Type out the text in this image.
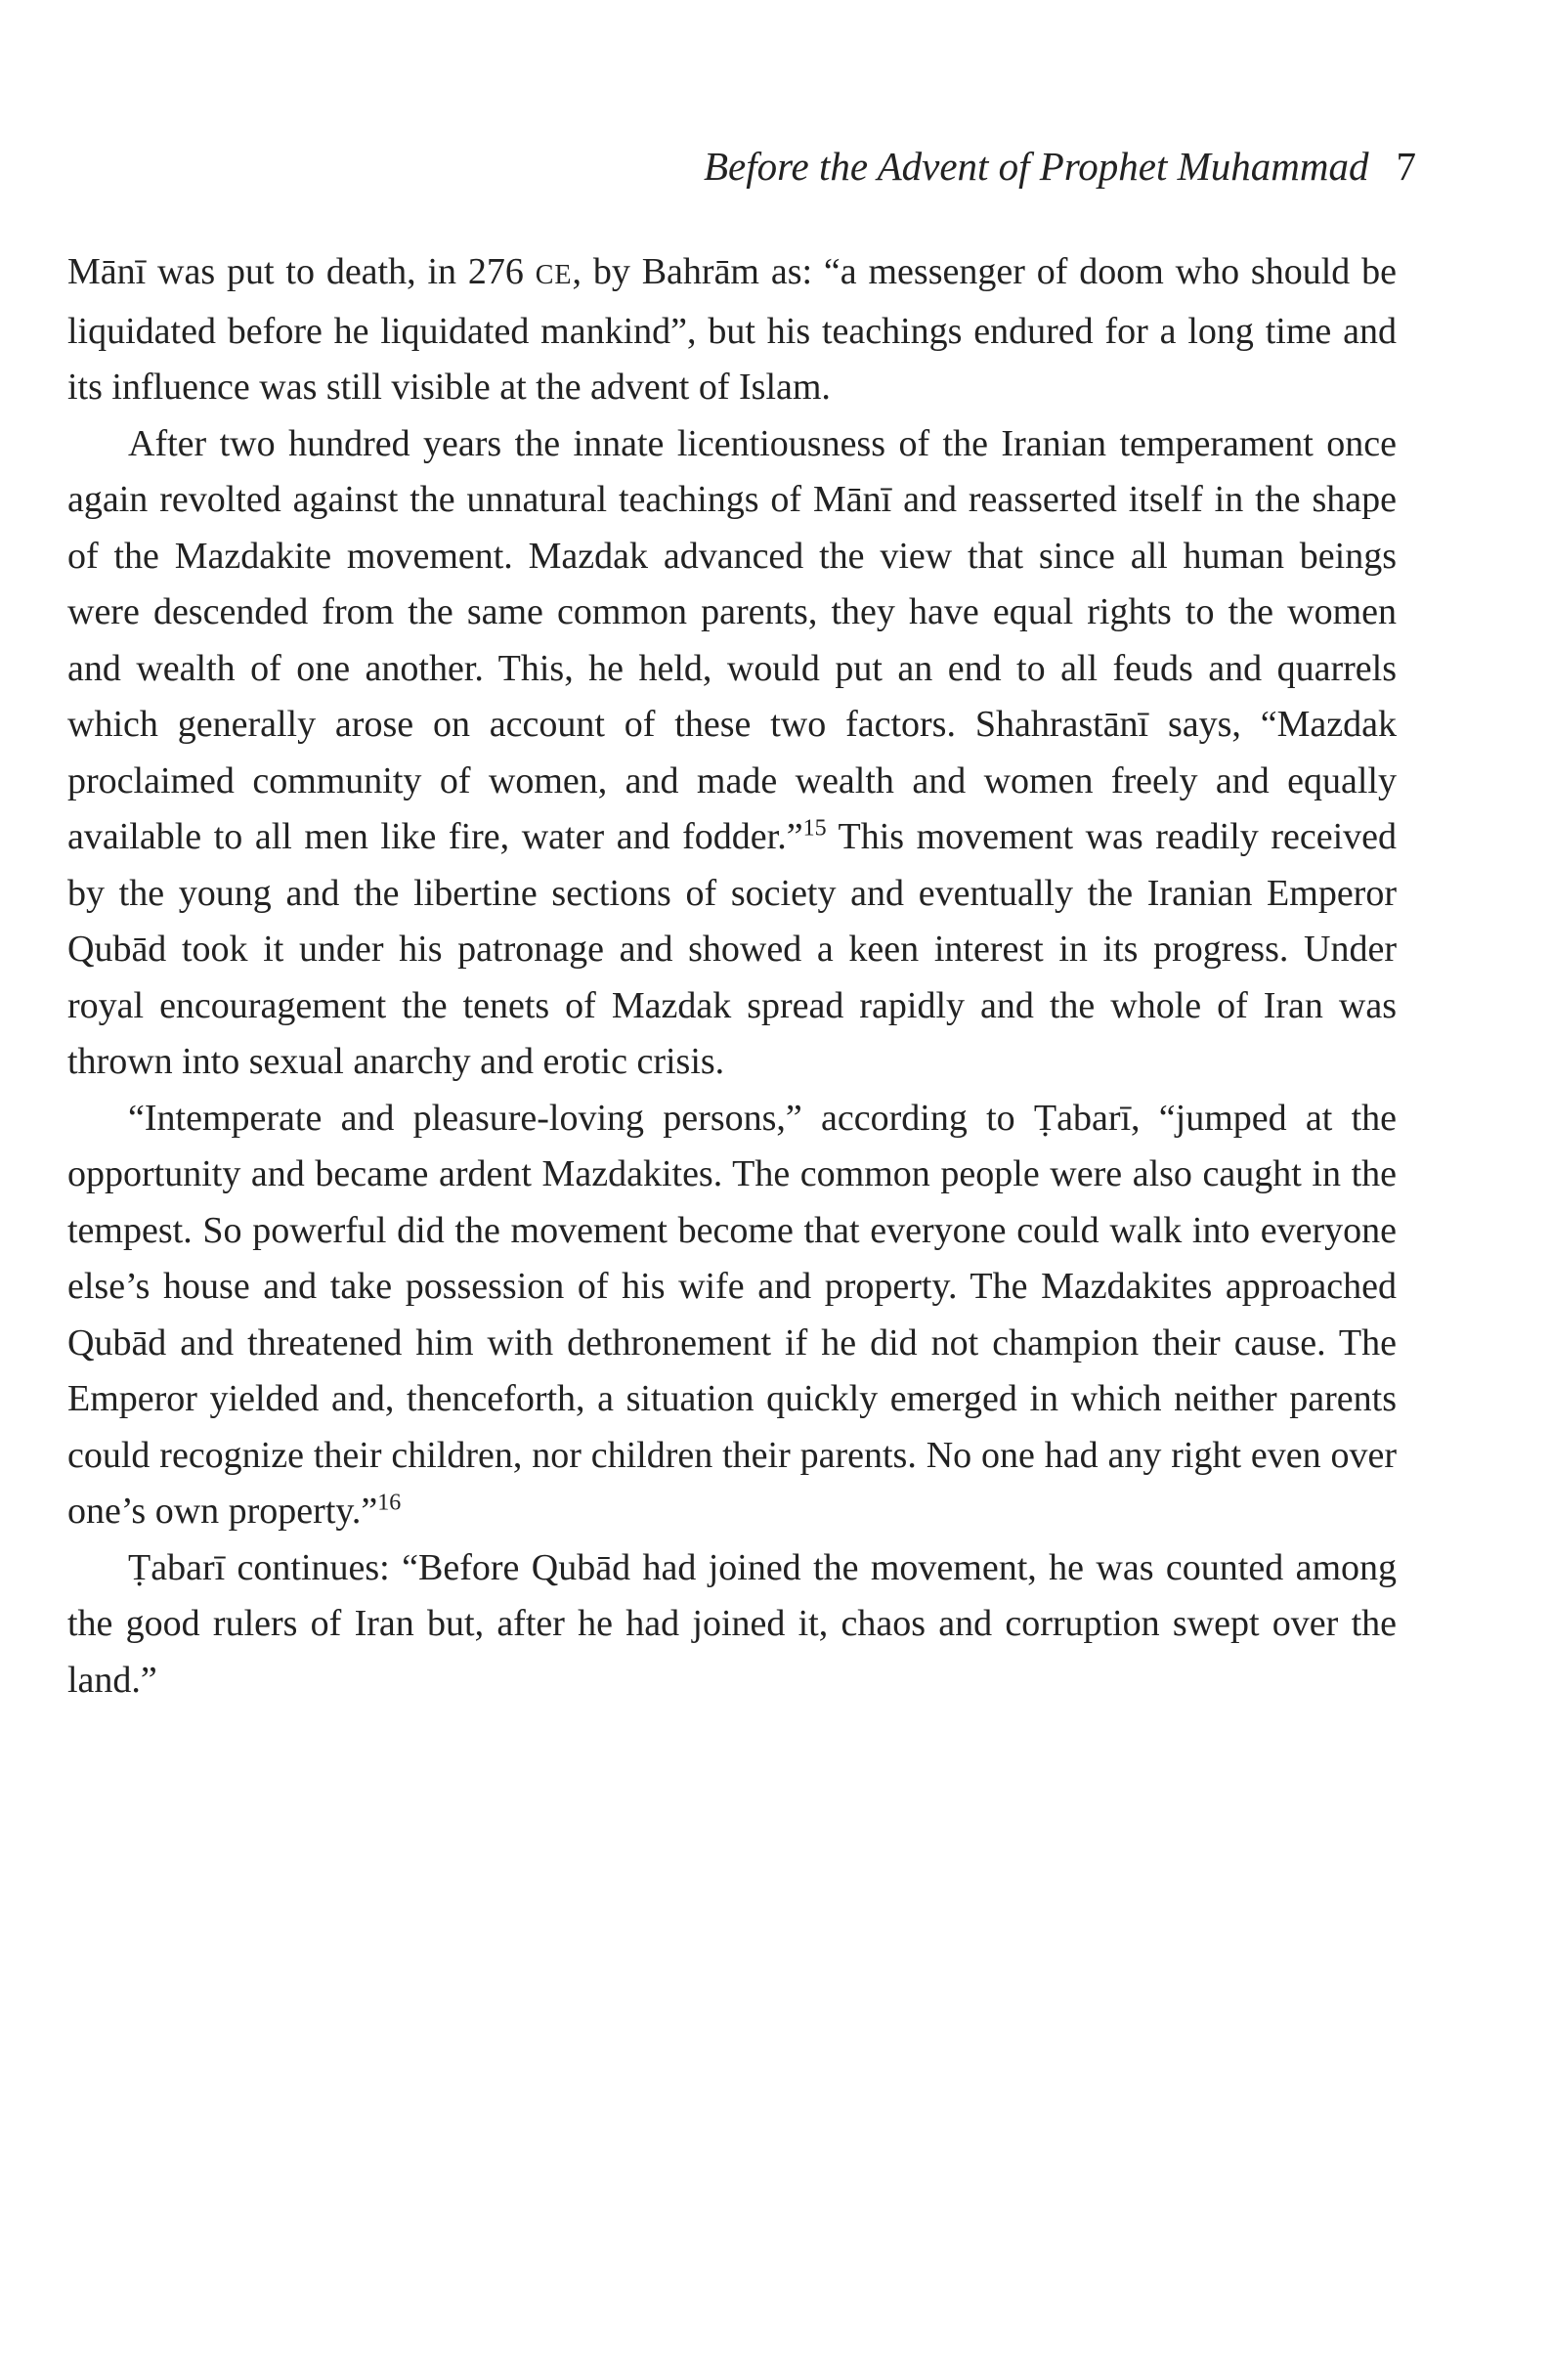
Before the Advent of Prophet Muhammad 7

Mānī was put to death, in 276 CE, by Bahrām as: “a messenger of doom who should be liquidated before he liquidated mankind”, but his teachings endured for a long time and its influence was still visible at the advent of Islam.

After two hundred years the innate licentiousness of the Iranian temperament once again revolted against the unnatural teachings of Mānī and reasserted itself in the shape of the Mazdakite movement. Mazdak advanced the view that since all human beings were descended from the same common parents, they have equal rights to the women and wealth of one another. This, he held, would put an end to all feuds and quarrels which generally arose on account of these two factors. Shahrastānī says, “Mazdak proclaimed community of women, and made wealth and women freely and equally available to all men like fire, water and fodder.”$^{15}$ This movement was readily received by the young and the libertine sections of society and eventually the Iranian Emperor Qubād took it under his patronage and showed a keen interest in its progress. Under royal encouragement the tenets of Mazdak spread rapidly and the whole of Iran was thrown into sexual anarchy and erotic crisis.

“Intemperate and pleasure-loving persons,” according to Ṭabarī, “jumped at the opportunity and became ardent Mazdakites. The common people were also caught in the tempest. So powerful did the movement become that everyone could walk into everyone else’s house and take possession of his wife and property. The Mazdakites approached Qubād and threatened him with dethronement if he did not champion their cause. The Emperor yielded and, thenceforth, a situation quickly emerged in which neither parents could recognize their children, nor children their parents. No one had any right even over one’s own property.”$^{16}$

Ṭabarī continues: “Before Qubād had joined the movement, he was counted among the good rulers of Iran but, after he had joined it, chaos and corruption swept over the land.”
